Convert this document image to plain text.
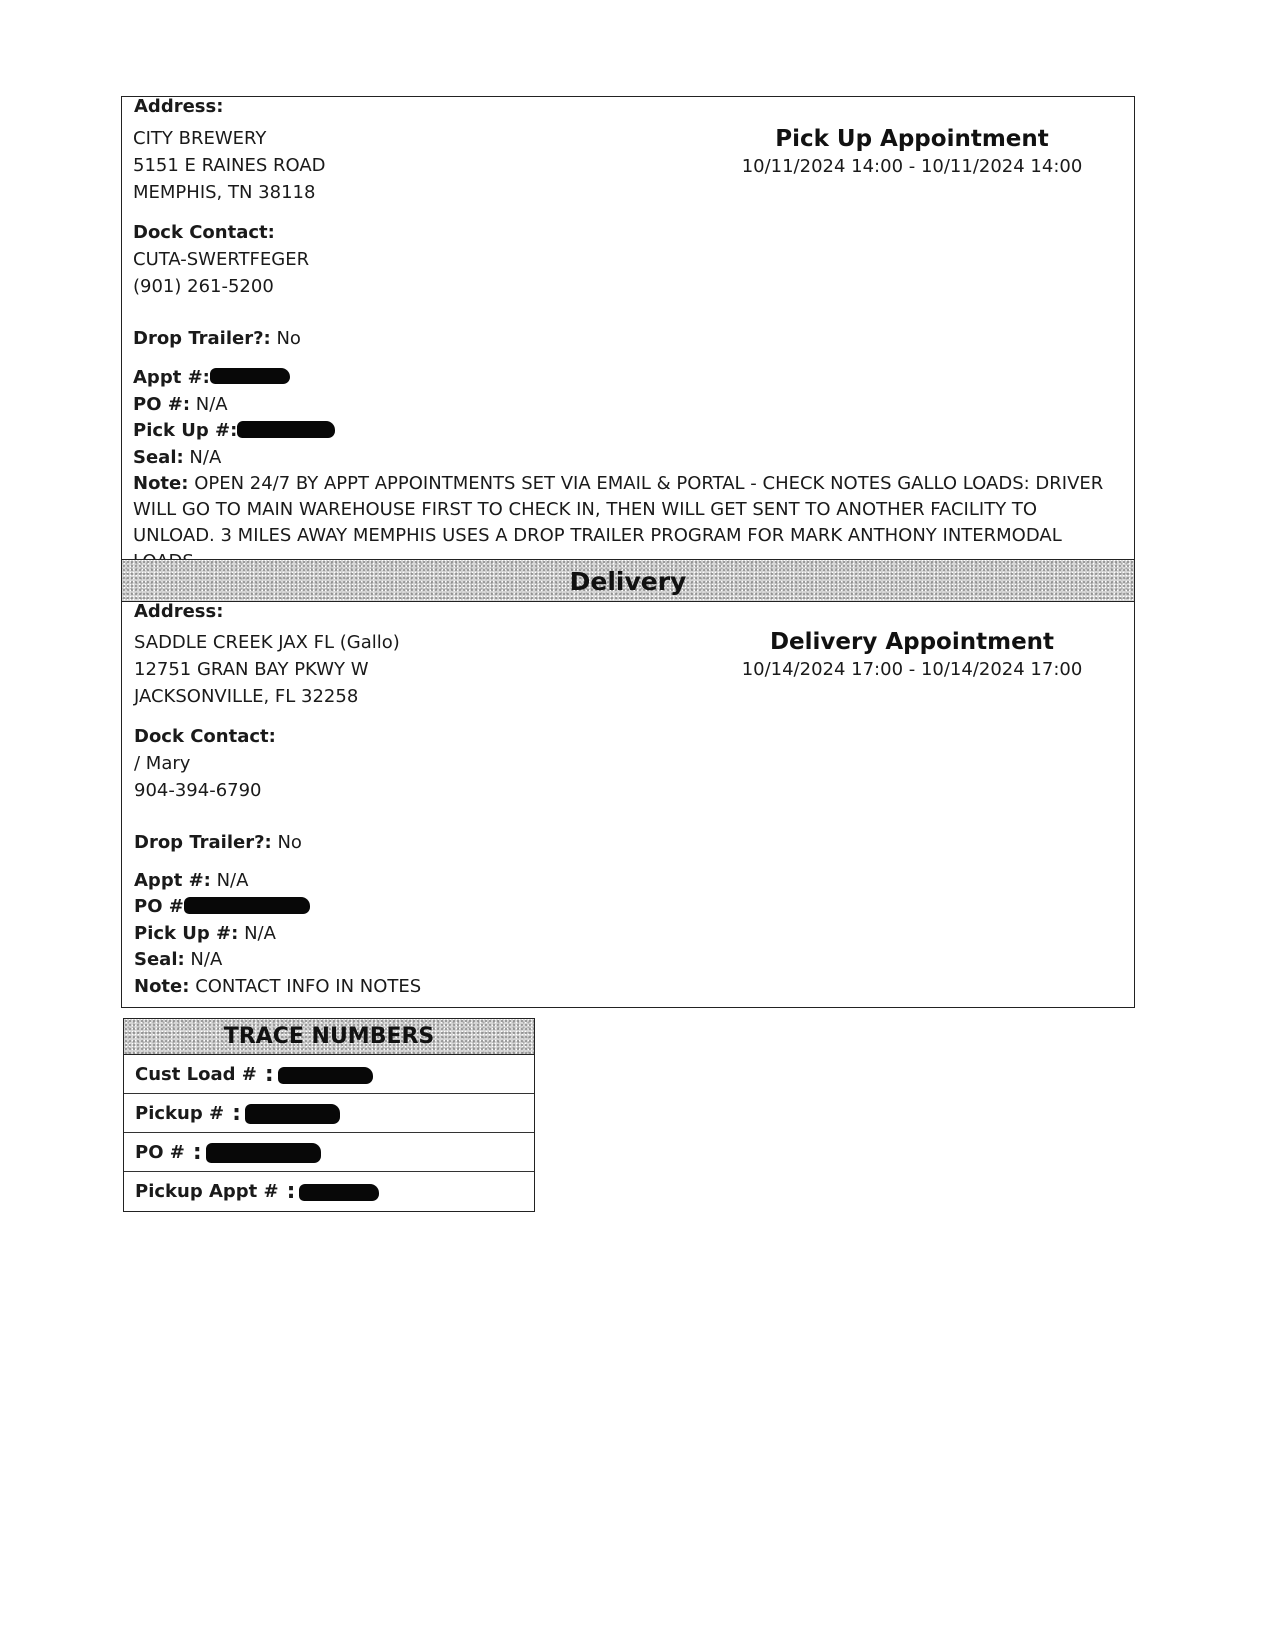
Address:
CITY BREWERY
5151 E RAINES ROAD
MEMPHIS, TN 38118
Pick Up Appointment
10/11/2024 14:00 - 10/11/2024 14:00
Dock Contact:
CUTA-SWERTFEGER
(901) 261-5200
Drop Trailer?: No
Appt #:
PO #: N/A
Pick Up #:
Seal: N/A
Note: OPEN 24/7 BY APPT APPOINTMENTS SET VIA EMAIL & PORTAL - CHECK NOTES GALLO LOADS: DRIVER WILL GO TO MAIN WAREHOUSE FIRST TO CHECK IN, THEN WILL GET SENT TO ANOTHER FACILITY TO UNLOAD. 3 MILES AWAY MEMPHIS USES A DROP TRAILER PROGRAM FOR MARK ANTHONY INTERMODAL
Delivery
Address:
SADDLE CREEK JAX FL (Gallo)
12751 GRAN BAY PKWY W
JACKSONVILLE, FL 32258
Delivery Appointment
10/14/2024 17:00 - 10/14/2024 17:00
Dock Contact:
/ Mary
904-394-6790
Drop Trailer?: No
Appt #: N/A
PO #
Pick Up #: N/A
Seal: N/A
Note: CONTACT INFO IN NOTES
TRACE NUMBERS
Cust Load # :
Pickup # :
PO # :
Pickup Appt # :
